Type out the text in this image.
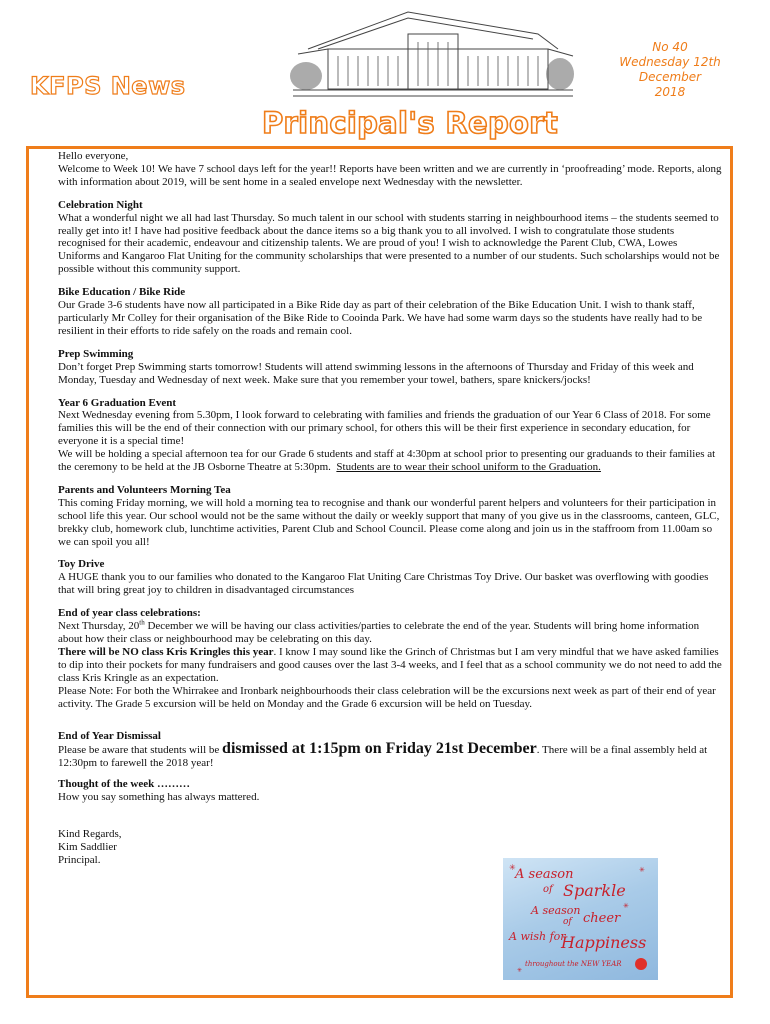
KFPS News
No 40
Wednesday 12th December
2018
Principal's Report

Hello everyone,

Welcome to Week 10! We have 7 school days left for the year!! Reports have been written and we are currently in ‘proofreading’ mode. Reports, along with information about 2019, will be sent home in a sealed envelope next Wednesday with the newsletter.

Celebration Night

What a wonderful night we all had last Thursday. So much talent in our school with students starring in neighbourhood items – the students seemed to really get into it! I have had positive feedback about the dance items so a big thank you to all involved. I wish to congratulate those students recognised for their academic, endeavour and citizenship talents. We are proud of you! I wish to acknowledge the Parent Club, CWA, Lowes Uniforms and Kangaroo Flat Uniting for the community scholarships that were presented to a number of our students. Such scholarships would not be possible without this community support.

Bike Education / Bike Ride

Our Grade 3-6 students have now all participated in a Bike Ride day as part of their celebration of the Bike Education Unit. I wish to thank staff, particularly Mr Colley for their organisation of the Bike Ride to Cooinda Park. We have had some warm days so the students have really had to be resilient in their efforts to ride safely on the roads and remain cool.

Prep Swimming

Don’t forget Prep Swimming starts tomorrow! Students will attend swimming lessons in the afternoons of Thursday and Friday of this week and Monday, Tuesday and Wednesday of next week. Make sure that you remember your towel, bathers, spare knickers/jocks!

Year 6 Graduation Event

Next Wednesday evening from 5.30pm, I look forward to celebrating with families and friends the graduation of our Year 6 Class of 2018. For some families this will be the end of their connection with our primary school, for others this will be their first experience in secondary education, for everyone it is a special time!

We will be holding a special afternoon tea for our Grade 6 students and staff at 4:30pm at school prior to presenting our graduands to their families at the ceremony to be held at the JB Osborne Theatre at 5:30pm. Students are to wear their school uniform to the Graduation.

Parents and Volunteers Morning Tea

This coming Friday morning, we will hold a morning tea to recognise and thank our wonderful parent helpers and volunteers for their participation in school life this year. Our school would not be the same without the daily or weekly support that many of you give us in the classrooms, canteen, GLC, brekky club, homework club, lunchtime activities, Parent Club and School Council. Please come along and join us in the staffroom from 11.00am so we can spoil you all!

Toy Drive

A HUGE thank you to our families who donated to the Kangaroo Flat Uniting Care Christmas Toy Drive. Our basket was overflowing with goodies that will bring great joy to children in disadvantaged circumstances

End of year class celebrations:

Next Thursday, 20th December we will be having our class activities/parties to celebrate the end of the year. Students will bring home information about how their class or neighbourhood may be celebrating on this day.

There will be NO class Kris Kringles this year. I know I may sound like the Grinch of Christmas but I am very mindful that we have asked families to dip into their pockets for many fundraisers and good causes over the last 3-4 weeks, and I feel that as a school community we do not need to add the class Kris Kringle as an expectation.

Please Note: For both the Whirrakee and Ironbark neighbourhoods their class celebration will be the excursions next week as part of their end of year activity. The Grade 5 excursion will be held on Monday and the Grade 6 excursion will be held on Tuesday.

End of Year Dismissal

Please be aware that students will be dismissed at 1:15pm on Friday 21st December. There will be a final assembly held at 12:30pm to farewell the 2018 year!

Thought of the week ………

How you say something has always mattered.

Kind Regards,

Kim Saddlier

Principal.

A season
of Sparkle
A season
of cheer
A wish for
Happiness
throughout the NEW YEAR
✳	✳
✳
✳
